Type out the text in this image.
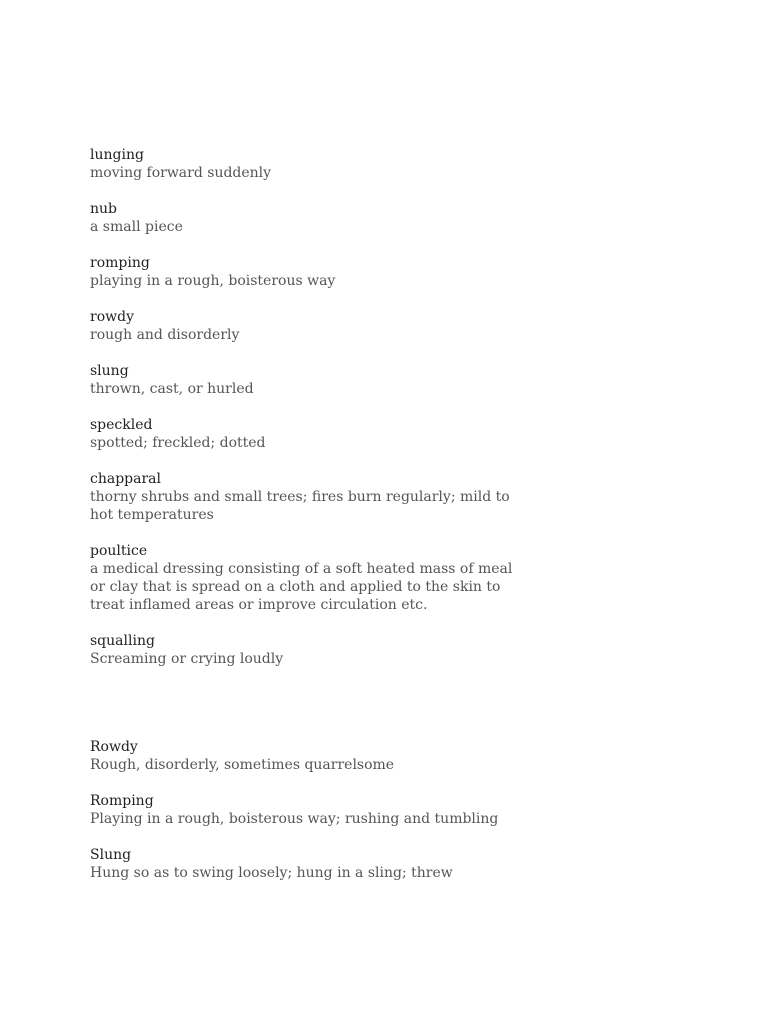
lunging
moving forward suddenly
nub
a small piece
romping
playing in a rough, boisterous way
rowdy
rough and disorderly
slung
thrown, cast, or hurled
speckled
spotted; freckled; dotted
chapparal
thorny shrubs and small trees; fires burn regularly; mild to hot temperatures
poultice
a medical dressing consisting of a soft heated mass of meal or clay that is spread on a cloth and applied to the skin to treat inflamed areas or improve circulation etc.
squalling
Screaming or crying loudly
Rowdy
Rough, disorderly, sometimes quarrelsome
Romping
Playing in a rough, boisterous way; rushing and tumbling
Slung
Hung so as to swing loosely; hung in a sling; threw
